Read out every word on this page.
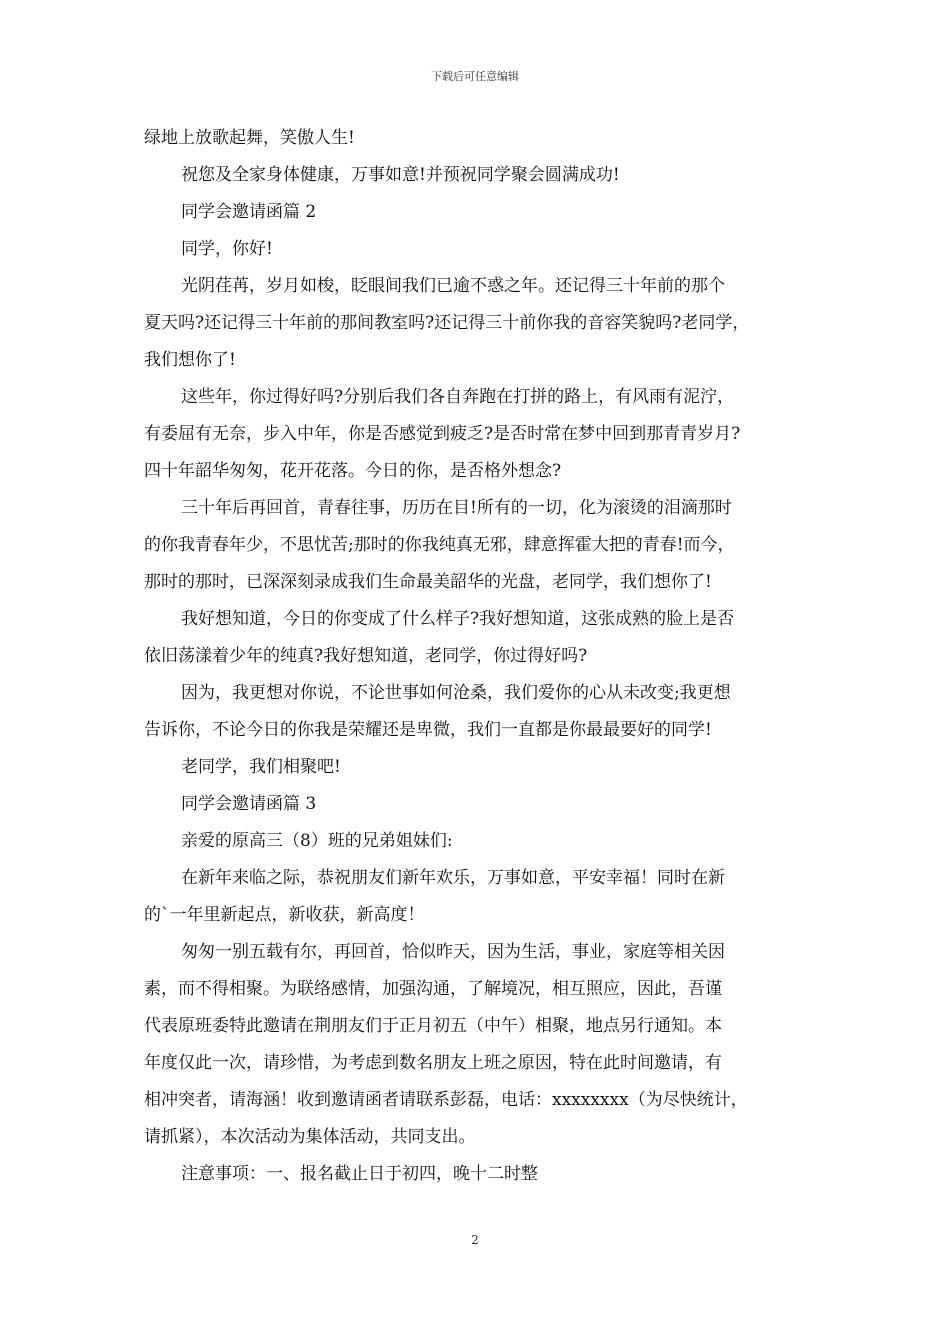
下载后可任意编辑

绿地上放歌起舞，笑傲人生!

祝您及全家身体健康，万事如意!并预祝同学聚会圆满成功!

同学会邀请函篇 2

同学，你好!

光阴荏苒，岁月如梭，眨眼间我们已逾不惑之年。还记得三十年前的那个
夏天吗?还记得三十年前的那间教室吗?还记得三十前你我的音容笑貌吗?老同学，
我们想你了!

这些年，你过得好吗?分别后我们各自奔跑在打拼的路上，有风雨有泥泞，
有委屈有无奈，步入中年，你是否感觉到疲乏?是否时常在梦中回到那青青岁月?
四十年韶华匆匆，花开花落。今日的你，是否格外想念?

三十年后再回首，青春往事，历历在目!所有的一切，化为滚烫的泪滴那时
的你我青春年少，不思忧苦;那时的你我纯真无邪，肆意挥霍大把的青春!而今，
那时的那时，已深深刻录成我们生命最美韶华的光盘，老同学，我们想你了!

我好想知道，今日的你变成了什么样子?我好想知道，这张成熟的脸上是否
依旧荡漾着少年的纯真?我好想知道，老同学，你过得好吗?

因为，我更想对你说，不论世事如何沧桑，我们爱你的心从未改变;我更想
告诉你，不论今日的你我是荣耀还是卑微，我们一直都是你最最要好的同学!

老同学，我们相聚吧!

同学会邀请函篇 3

亲爱的原高三（8）班的兄弟姐妹们:

在新年来临之际，恭祝朋友们新年欢乐，万事如意，平安幸福！同时在新
的`一年里新起点，新收获，新高度！

匆匆一别五载有尔，再回首，恰似昨天，因为生活，事业，家庭等相关因
素，而不得相聚。为联络感情，加强沟通，了解境况，相互照应，因此，吾谨
代表原班委特此邀请在荆朋友们于正月初五（中午）相聚，地点另行通知。本
年度仅此一次，请珍惜，为考虑到数名朋友上班之原因，特在此时间邀请，有
相冲突者，请海涵！收到邀请函者请联系彭磊，电话：xxxxxxxx（为尽快统计，
请抓紧），本次活动为集体活动，共同支出。

注意事项：一、报名截止日于初四，晚十二时整

2
